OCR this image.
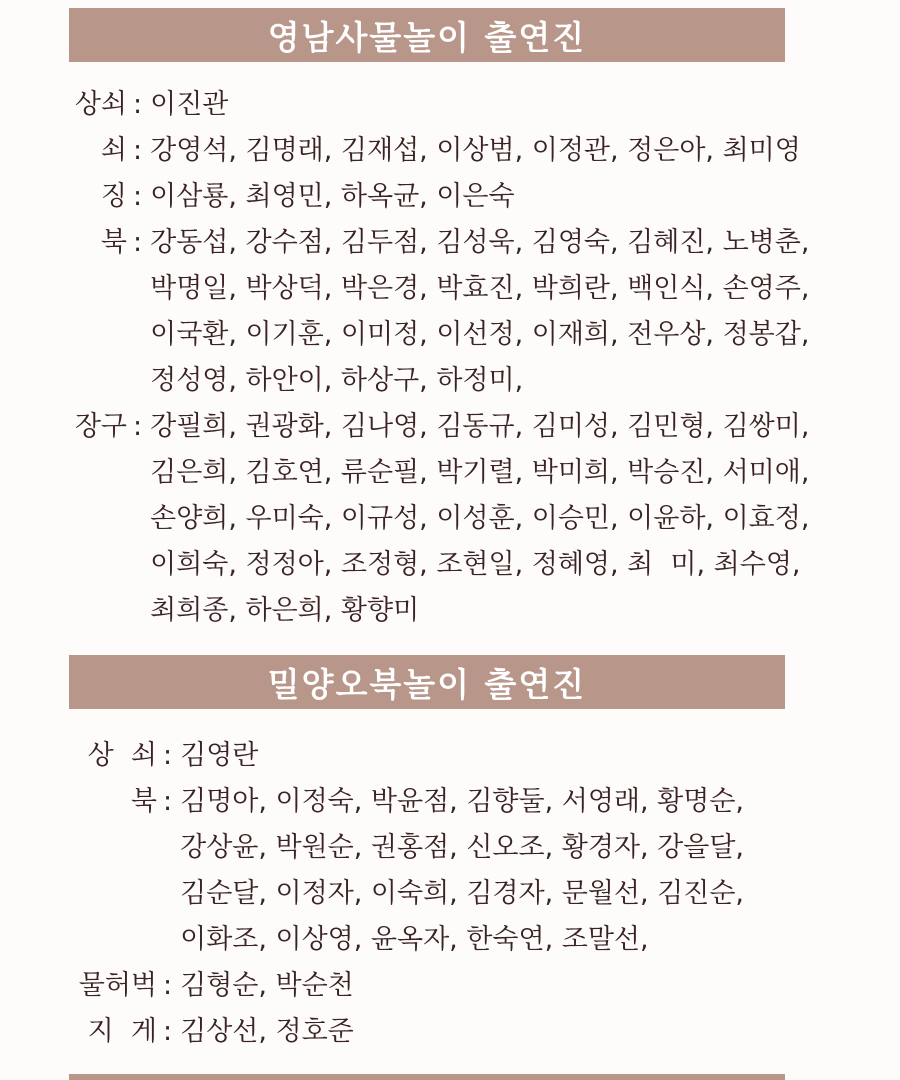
영남사물놀이 출연진
상쇠 : 이진관
쇠 : 강영석, 김명래, 김재섭, 이상범, 이정관, 정은아, 최미영
징 : 이삼룡, 최영민, 하옥균, 이은숙
북 : 강동섭, 강수점, 김두점, 김성욱, 김영숙, 김혜진, 노병춘,
박명일, 박상덕, 박은경, 박효진, 박희란, 백인식, 손영주,
이국환, 이기훈, 이미정, 이선정, 이재희, 전우상, 정봉갑,
정성영, 하안이, 하상구, 하정미,
장구 : 강필희, 권광화, 김나영, 김동규, 김미성, 김민형, 김쌍미,
김은희, 김호연, 류순필, 박기렬, 박미희, 박승진, 서미애,
손양희, 우미숙, 이규성, 이성훈, 이승민, 이윤하, 이효정,
이희숙, 정정아, 조정형, 조현일, 정혜영, 최  미, 최수영,
최희종, 하은희, 황향미
밀양오북놀이 출연진
상  쇠 : 김영란
북 : 김명아, 이정숙, 박윤점, 김향둘, 서영래, 황명순,
강상윤, 박원순, 권홍점, 신오조, 황경자, 강을달,
김순달, 이정자, 이숙희, 김경자, 문월선, 김진순,
이화조, 이상영, 윤옥자, 한숙연, 조말선,
물허벅 : 김형순, 박순천
지  게 : 김상선, 정호준
